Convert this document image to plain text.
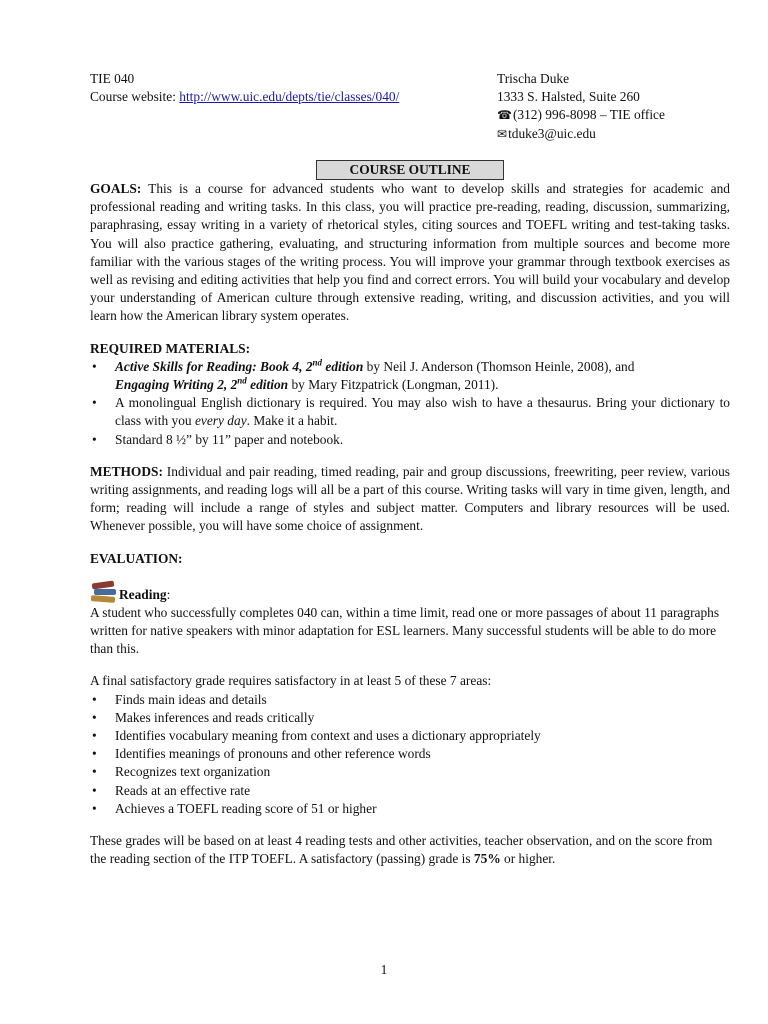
TIE 040
Course website: http://www.uic.edu/depts/tie/classes/040/
Trischa Duke
1333 S. Halsted, Suite 260
☎(312) 996-8098 – TIE office
✉tduke3@uic.edu
COURSE OUTLINE

GOALS: This is a course for advanced students who want to develop skills and strategies for academic and professional reading and writing tasks. In this class, you will practice pre-reading, reading, discussion, summarizing, paraphrasing, essay writing in a variety of rhetorical styles, citing sources and TOEFL writing and test-taking tasks. You will also practice gathering, evaluating, and structuring information from multiple sources and become more familiar with the various stages of the writing process. You will improve your grammar through textbook exercises as well as revising and editing activities that help you find and correct errors. You will build your vocabulary and develop your understanding of American culture through extensive reading, writing, and discussion activities, and you will learn how the American library system operates.

REQUIRED MATERIALS:
• Active Skills for Reading: Book 4, 2nd edition by Neil J. Anderson (Thomson Heinle, 2008), and
Engaging Writing 2, 2nd edition by Mary Fitzpatrick (Longman, 2011).
• A monolingual English dictionary is required. You may also wish to have a thesaurus. Bring your dictionary to class with you every day. Make it a habit.
• Standard 8 ½” by 11” paper and notebook.

METHODS: Individual and pair reading, timed reading, pair and group discussions, freewriting, peer review, various writing assignments, and reading logs will all be a part of this course. Writing tasks will vary in time given, length, and form; reading will include a range of styles and subject matter. Computers and library resources will be used. Whenever possible, you will have some choice of assignment.

EVALUATION:
Reading :

A student who successfully completes 040 can, within a time limit, read one or more passages of about 11 paragraphs written for native speakers with minor adaptation for ESL learners. Many successful students will be able to do more than this.

A final satisfactory grade requires satisfactory in at least 5 of these 7 areas:
• Finds main ideas and details
• Makes inferences and reads critically
• Identifies vocabulary meaning from context and uses a dictionary appropriately
• Identifies meanings of pronouns and other reference words
• Recognizes text organization
• Reads at an effective rate
• Achieves a TOEFL reading score of 51 or higher

These grades will be based on at least 4 reading tests and other activities, teacher observation, and on the score from the reading section of the ITP TOEFL. A satisfactory (passing) grade is 75% or higher.

1
